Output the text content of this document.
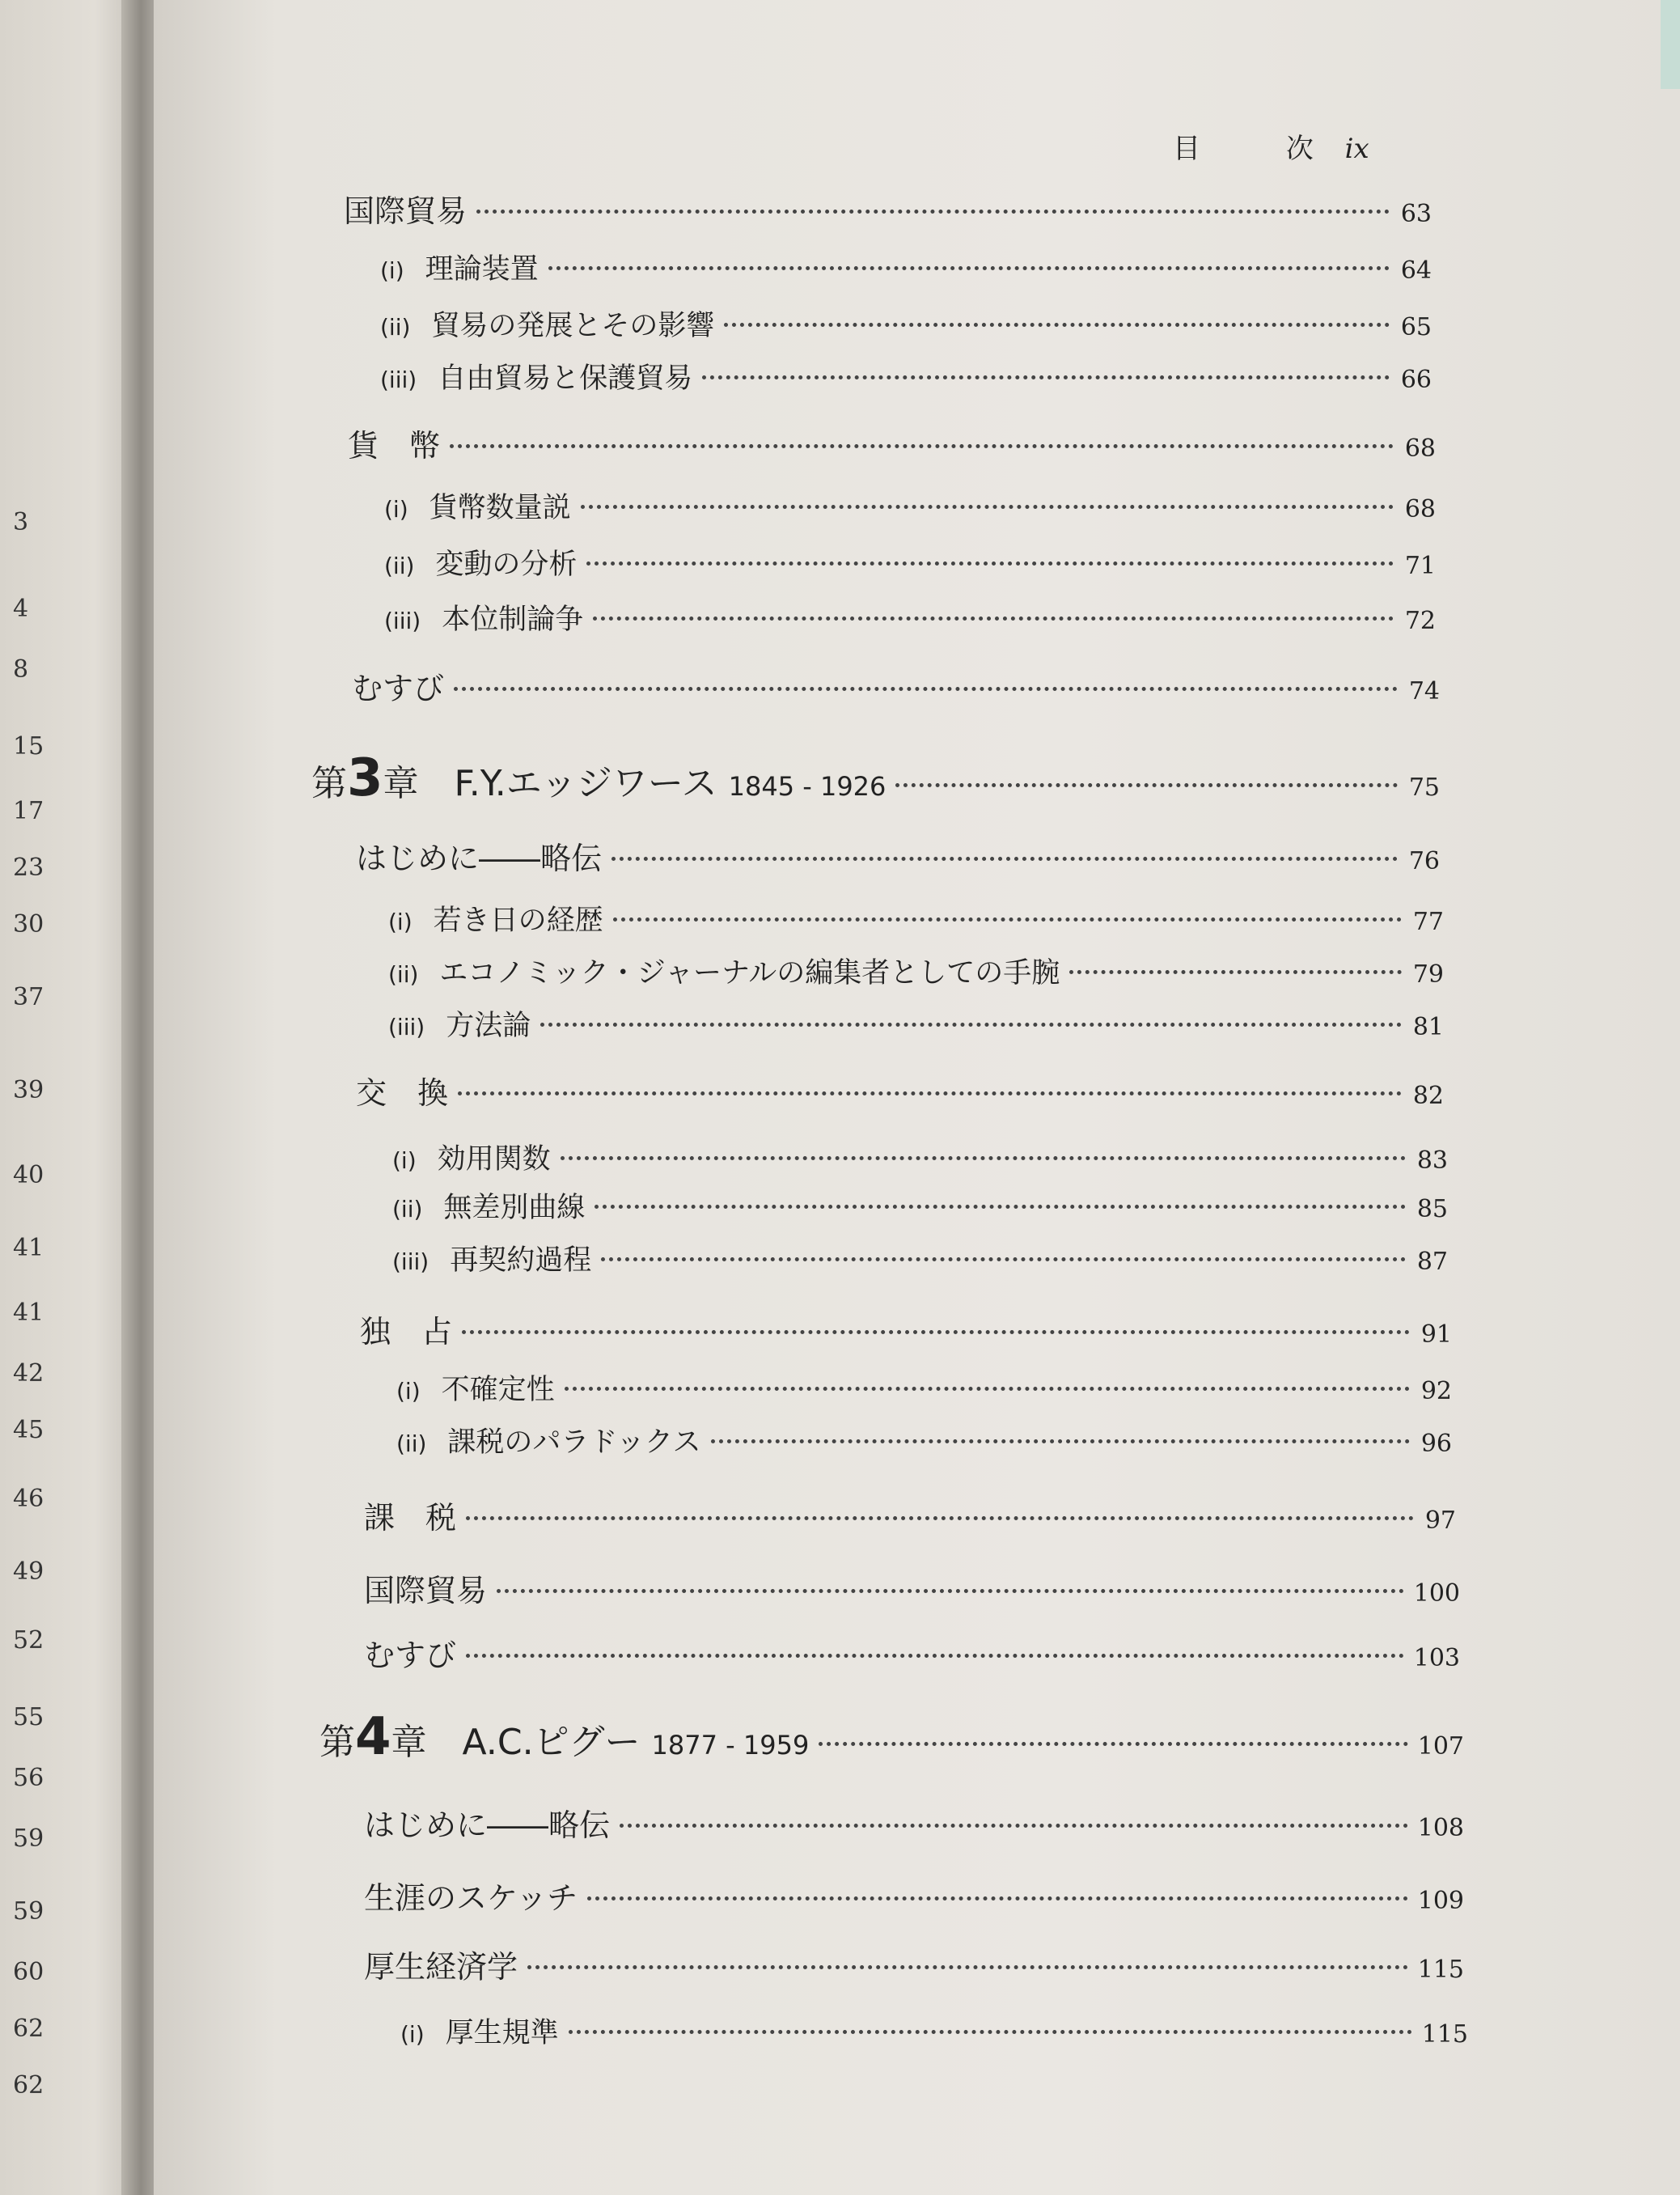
3
4
8
15
17
23
30
37
39
40
41
41
42
45
46
49
52
55
56
59
59
60
62
62
目	次 ix
国際貿易	63
(i) 理論装置	64
(ii) 貿易の発展とその影響	65
(iii) 自由貿易と保護貿易	66
貨　幣	68
(i) 貨幣数量説	68
(ii) 変動の分析	71
(iii) 本位制論争	72
むすび	74
第3章　F.Y.エッジワース 1845 - 1926	75
はじめに――略伝	76
(i) 若き日の経歴	77
(ii) エコノミック・ジャーナルの編集者としての手腕	79
(iii) 方法論	81
交　換	82
(i) 効用関数	83
(ii) 無差別曲線	85
(iii) 再契約過程	87
独　占	91
(i) 不確定性	92
(ii) 課税のパラドックス	96
課　税	97
国際貿易	100
むすび	103
第4章　A.C.ピグー 1877 - 1959	107
はじめに――略伝	108
生涯のスケッチ	109
厚生経済学	115
(i) 厚生規準	115
